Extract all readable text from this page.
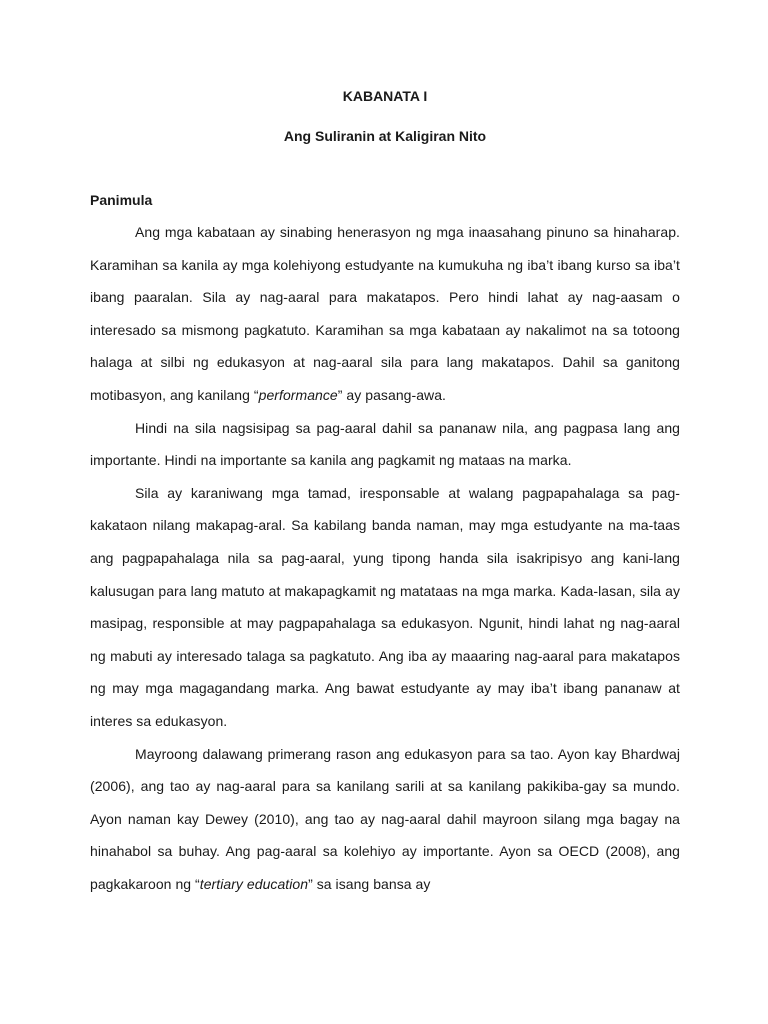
KABANATA I

Ang Suliranin at Kaligiran Nito

Panimula

Ang mga kabataan ay sinabing henerasyon ng mga inaasahang pinuno sa hinaharap. Karamihan sa kanila ay mga kolehiyong estudyante na kumukuha ng iba’t ibang kurso sa iba’t ibang paaralan. Sila ay nag-aaral para makatapos. Pero hindi lahat ay nag-aasam o interesado sa mismong pagkatuto. Karamihan sa mga kabataan ay nakalimot na sa totoong halaga at silbi ng edukasyon at nag-aaral sila para lang makatapos. Dahil sa ganitong motibasyon, ang kanilang “performance” ay pasang-awa.

Hindi na sila nagsisipag sa pag-aaral dahil sa pananaw nila, ang pagpasa lang ang importante. Hindi na importante sa kanila ang pagkamit ng mataas na marka.

Sila ay karaniwang mga tamad, iresponsable at walang pagpapahalaga sa pag-kakataon nilang makapag-aral. Sa kabilang banda naman, may mga estudyante na ma-taas ang pagpapahalaga nila sa pag-aaral, yung tipong handa sila isakripisyo ang kani-lang kalusugan para lang matuto at makapagkamit ng matataas na mga marka. Kada-lasan, sila ay masipag, responsible at may pagpapahalaga sa edukasyon. Ngunit, hindi lahat ng nag-aaral ng mabuti ay interesado talaga sa pagkatuto. Ang iba ay maaaring nag-aaral para makatapos ng may mga magagandang marka. Ang bawat estudyante ay may iba’t ibang pananaw at interes sa edukasyon.

Mayroong dalawang primerang rason ang edukasyon para sa tao. Ayon kay Bhardwaj (2006), ang tao ay nag-aaral para sa kanilang sarili at sa kanilang pakikiba-gay sa mundo. Ayon naman kay Dewey (2010), ang tao ay nag-aaral dahil mayroon silang mga bagay na hinahabol sa buhay. Ang pag-aaral sa kolehiyo ay importante. Ayon sa OECD (2008), ang pagkakaroon ng “tertiary education” sa isang bansa ay
